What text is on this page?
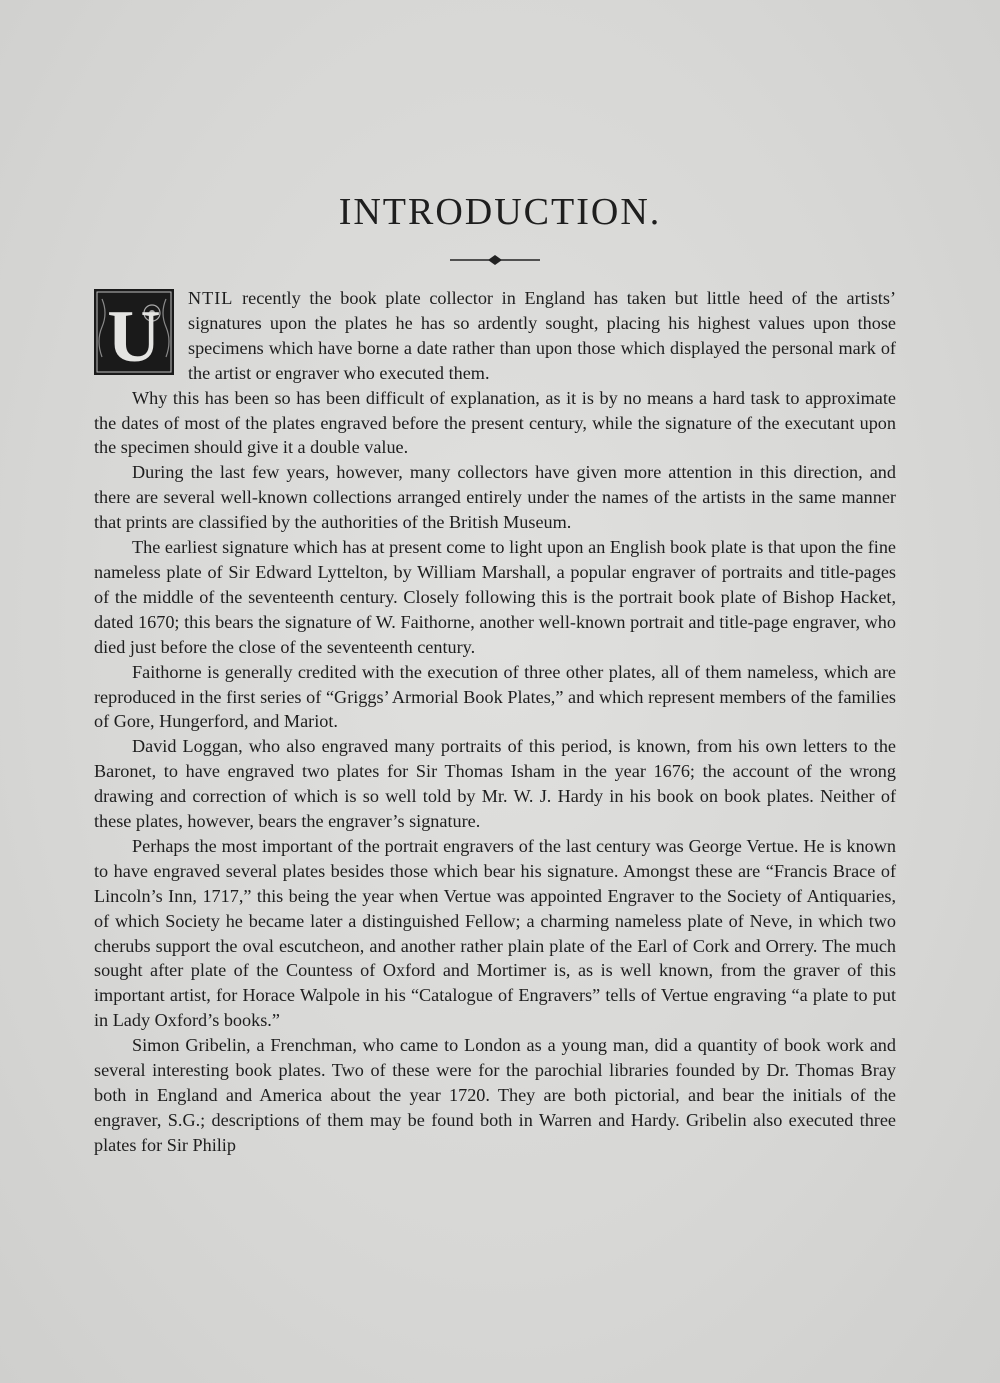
INTRODUCTION.

U NTIL recently the book plate collector in England has taken but little heed of the artists’ signatures upon the plates he has so ardently sought, placing his highest values upon those specimens which have borne a date rather than upon those which displayed the personal mark of the artist or engraver who executed them.

Why this has been so has been difficult of explanation, as it is by no means a hard task to approximate the dates of most of the plates engraved before the present century, while the signature of the executant upon the specimen should give it a double value.

During the last few years, however, many collectors have given more attention in this direction, and there are several well-known collections arranged entirely under the names of the artists in the same manner that prints are classified by the authorities of the British Museum.

The earliest signature which has at present come to light upon an English book plate is that upon the fine nameless plate of Sir Edward Lyttelton, by William Marshall, a popular engraver of portraits and title-pages of the middle of the seventeenth century. Closely following this is the portrait book plate of Bishop Hacket, dated 1670; this bears the signature of W. Faithorne, another well-known portrait and title-page engraver, who died just before the close of the seventeenth century.

Faithorne is generally credited with the execution of three other plates, all of them nameless, which are reproduced in the first series of “Griggs’ Armorial Book Plates,” and which represent members of the families of Gore, Hungerford, and Mariot.

David Loggan, who also engraved many portraits of this period, is known, from his own letters to the Baronet, to have engraved two plates for Sir Thomas Isham in the year 1676; the account of the wrong drawing and correction of which is so well told by Mr. W. J. Hardy in his book on book plates. Neither of these plates, however, bears the engraver’s signature.

Perhaps the most important of the portrait engravers of the last century was George Vertue. He is known to have engraved several plates besides those which bear his signature. Amongst these are “Francis Brace of Lincoln’s Inn, 1717,” this being the year when Vertue was appointed Engraver to the Society of Antiquaries, of which Society he became later a distinguished Fellow; a charming nameless plate of Neve, in which two cherubs support the oval escutcheon, and another rather plain plate of the Earl of Cork and Orrery. The much sought after plate of the Countess of Oxford and Mortimer is, as is well known, from the graver of this important artist, for Horace Walpole in his “Catalogue of Engravers” tells of Vertue engraving “a plate to put in Lady Oxford’s books.”

Simon Gribelin, a Frenchman, who came to London as a young man, did a quantity of book work and several interesting book plates. Two of these were for the parochial libraries founded by Dr. Thomas Bray both in England and America about the year 1720. They are both pictorial, and bear the initials of the engraver, S.G.; descriptions of them may be found both in Warren and Hardy. Gribelin also executed three plates for Sir Philip
